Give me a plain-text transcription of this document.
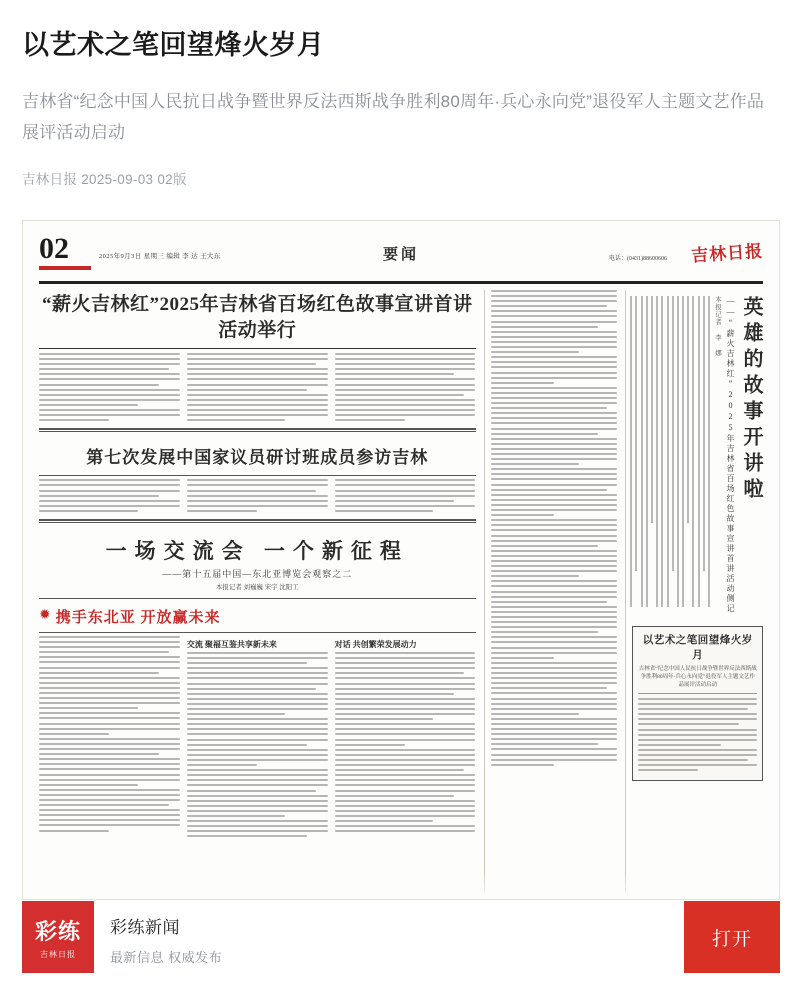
以艺术之笔回望烽火岁月
吉林省“纪念中国人民抗日战争暨世界反法西斯战争胜利80周年·兵心永向党”退役军人主题文艺作品展评活动启动
吉林日报 2025-09-03 02版
02	2025年9月3日 星期三 编辑 李 达 王大东	要闻	电话：(0431)88600606 吉林日报
“薪火吉林红”2025年吉林省百场红色故事宣讲首讲活动举行
第七次发展中国家议员研讨班成员参访吉林
一场交流会 一个新征程
——第十五届中国—东北亚博览会观察之二
本报记者 刘巍巍 宋宇 沈阳工
✹ 携手东北亚 开放赢未来
交流 聚福互鉴共享新未来	对话 共创繁荣发展动力
英雄的故事开讲啦
——“薪火吉林红”2025年吉林省百场红色故事宣讲首讲活动侧记
本报记者 李 娜
以艺术之笔回望烽火岁月
吉林省“纪念中国人民抗日战争暨世界反法西斯战争胜利80周年·兵心永向党”退役军人主题文艺作品展评活动启动
彩练
吉林日报
彩练新闻
最新信息 权威发布
打开
